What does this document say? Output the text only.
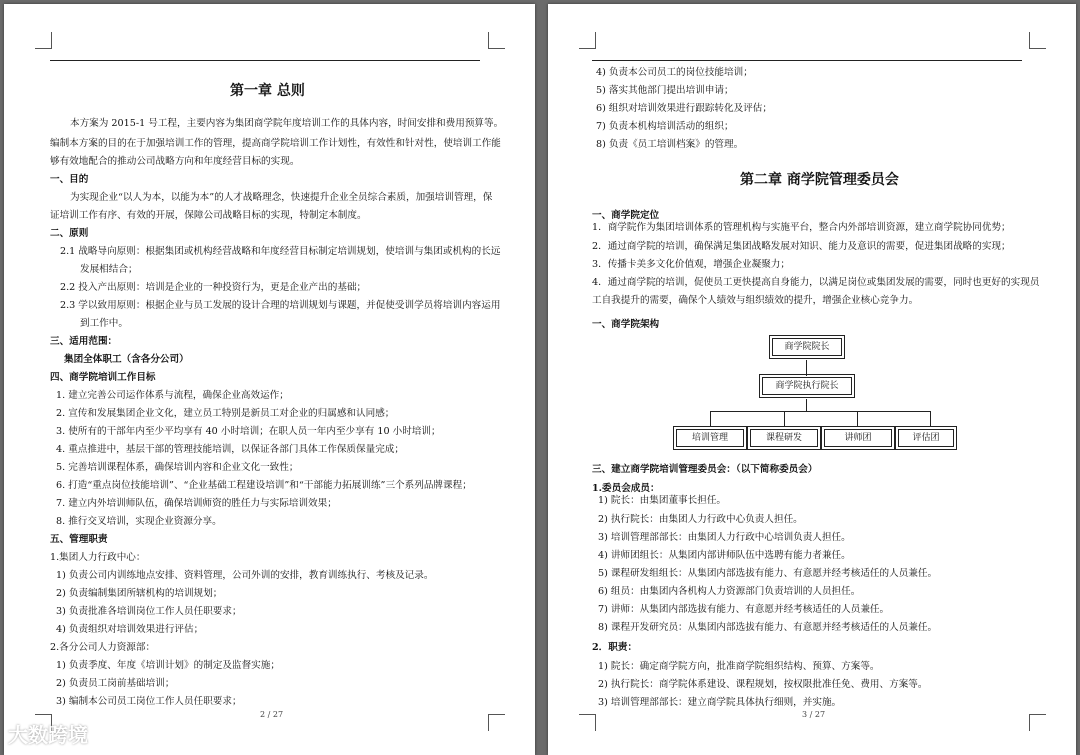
第一章 总则
本方案为 2015-1 号工程，主要内容为集团商学院年度培训工作的具体内容，时间安排和费用预算等。
编制本方案的目的在于加强培训工作的管理，提高商学院培训工作计划性，有效性和针对性，使培训工作能
够有效地配合的推动公司战略方向和年度经营目标的实现。
一、目的
为实现企业“以人为本，以能为本”的人才战略理念，快速提升企业全员综合素质，加强培训管理，保
证培训工作有序、有效的开展，保障公司战略目标的实现，特制定本制度。
二、原则
2.1 战略导向原则：根据集团或机构经营战略和年度经营目标制定培训规划，使培训与集团或机构的长远
发展相结合；
2.2 投入产出原则：培训是企业的一种投资行为，更是企业产出的基础；
2.3 学以致用原则：根据企业与员工发展的设计合理的培训规划与课题，并促使受训学员将培训内容运用
到工作中。
三、适用范围：
集团全体职工（含各分公司）
四、商学院培训工作目标
1. 建立完善公司运作体系与流程，确保企业高效运作；
2. 宣传和发展集团企业文化，建立员工特别是新员工对企业的归属感和认同感；
3. 使所有的干部年内至少平均享有 40 小时培训；在职人员一年内至少享有 10 小时培训；
4. 重点推进中，基层干部的管理技能培训，以保证各部门具体工作保质保量完成；
5. 完善培训课程体系，确保培训内容和企业文化一致性；
6. 打造“重点岗位技能培训”、“企业基础工程建设培训”和“干部能力拓展训练”三个系列品牌课程；
7. 建立内外培训师队伍，确保培训师资的胜任力与实际培训效果；
8. 推行交叉培训，实现企业资源分享。
五、管理职责
1.集团人力行政中心：
1) 负责公司内训练地点安排、资料管理，公司外训的安排，教育训练执行、考核及记录。
2) 负责编制集团所辖机构的培训规划；
3) 负责批准各培训岗位工作人员任职要求；
4) 负责组织对培训效果进行评估；
2.各分公司人力资源部：
1) 负责季度、年度《培训计划》的制定及监督实施；
2) 负责员工岗前基础培训；
3) 编制本公司员工岗位工作人员任职要求；
2 / 27
4) 负责本公司员工的岗位技能培训；
5) 落实其他部门提出培训申请；
6) 组织对培训效果进行跟踪转化及评估；
7) 负责本机构培训活动的组织；
8) 负责《员工培训档案》的管理。
第二章 商学院管理委员会
一、商学院定位
1．商学院作为集团培训体系的管理机构与实施平台，整合内外部培训资源，建立商学院协同优势；
2．通过商学院的培训，确保满足集团战略发展对知识、能力及意识的需要，促进集团战略的实现；
3．传播卡美多文化价值观，增强企业凝聚力；
4．通过商学院的培训，促使员工更快提高自身能力，以满足岗位或集团发展的需要，同时也更好的实现员
工自我提升的需要，确保个人绩效与组织绩效的提升，增强企业核心竞争力。
一、商学院架构
商学院院长
商学院执行院长
培训管理	课程研发	讲师团	评估团
三、建立商学院培训管理委员会：（以下简称委员会）
1.委员会成员：
1) 院长：由集团董事长担任。
2) 执行院长：由集团人力行政中心负责人担任。
3) 培训管理部部长：由集团人力行政中心培训负责人担任。
4) 讲师团组长：从集团内部讲师队伍中选聘有能力者兼任。
5) 课程研发组组长：从集团内部选拔有能力、有意愿并经考核适任的人员兼任。
6) 组员：由集团内各机构人力资源部门负责培训的人员担任。
7) 讲师：从集团内部选拔有能力、有意愿并经考核适任的人员兼任。
8) 课程开发研究员：从集团内部选拔有能力、有意愿并经考核适任的人员兼任。
2．职责：
1) 院长：确定商学院方向，批准商学院组织结构、预算、方案等。
2) 执行院长：商学院体系建设、课程规划，按权限批准任免、费用、方案等。
3) 培训管理部部长：建立商学院具体执行细则，并实施。
3 / 27
大数跨境
